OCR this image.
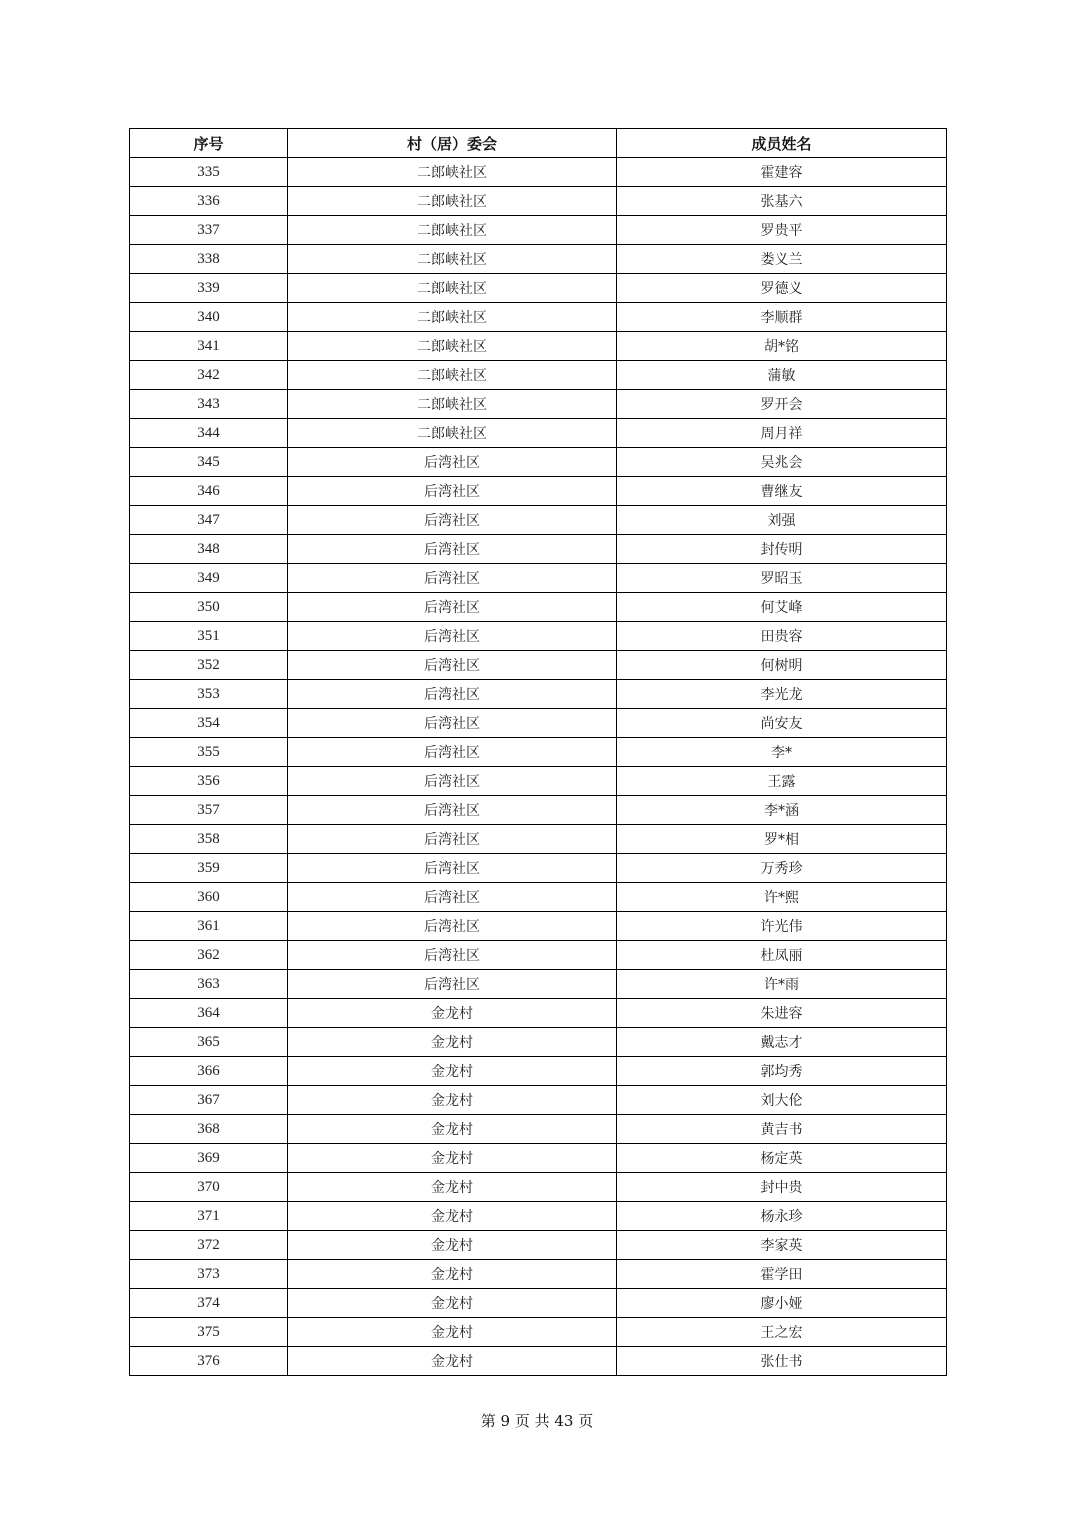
序号	村（居）委会	成员姓名
335	二郎峡社区	霍建容
336	二郎峡社区	张基六
337	二郎峡社区	罗贵平
338	二郎峡社区	娄义兰
339	二郎峡社区	罗德义
340	二郎峡社区	李顺群
341	二郎峡社区	胡*铭
342	二郎峡社区	蒲敏
343	二郎峡社区	罗开会
344	二郎峡社区	周月祥
345	后湾社区	吴兆会
346	后湾社区	曹继友
347	后湾社区	刘强
348	后湾社区	封传明
349	后湾社区	罗昭玉
350	后湾社区	何艾峰
351	后湾社区	田贵容
352	后湾社区	何树明
353	后湾社区	李光龙
354	后湾社区	尚安友
355	后湾社区	李*
356	后湾社区	王露
357	后湾社区	李*涵
358	后湾社区	罗*相
359	后湾社区	万秀珍
360	后湾社区	许*熙
361	后湾社区	许光伟
362	后湾社区	杜凤丽
363	后湾社区	许*雨
364	金龙村	朱进容
365	金龙村	戴志才
366	金龙村	郭均秀
367	金龙村	刘大伦
368	金龙村	黄吉书
369	金龙村	杨定英
370	金龙村	封中贵
371	金龙村	杨永珍
372	金龙村	李家英
373	金龙村	霍学田
374	金龙村	廖小娅
375	金龙村	王之宏
376	金龙村	张仕书
第 9 页 共 43 页
